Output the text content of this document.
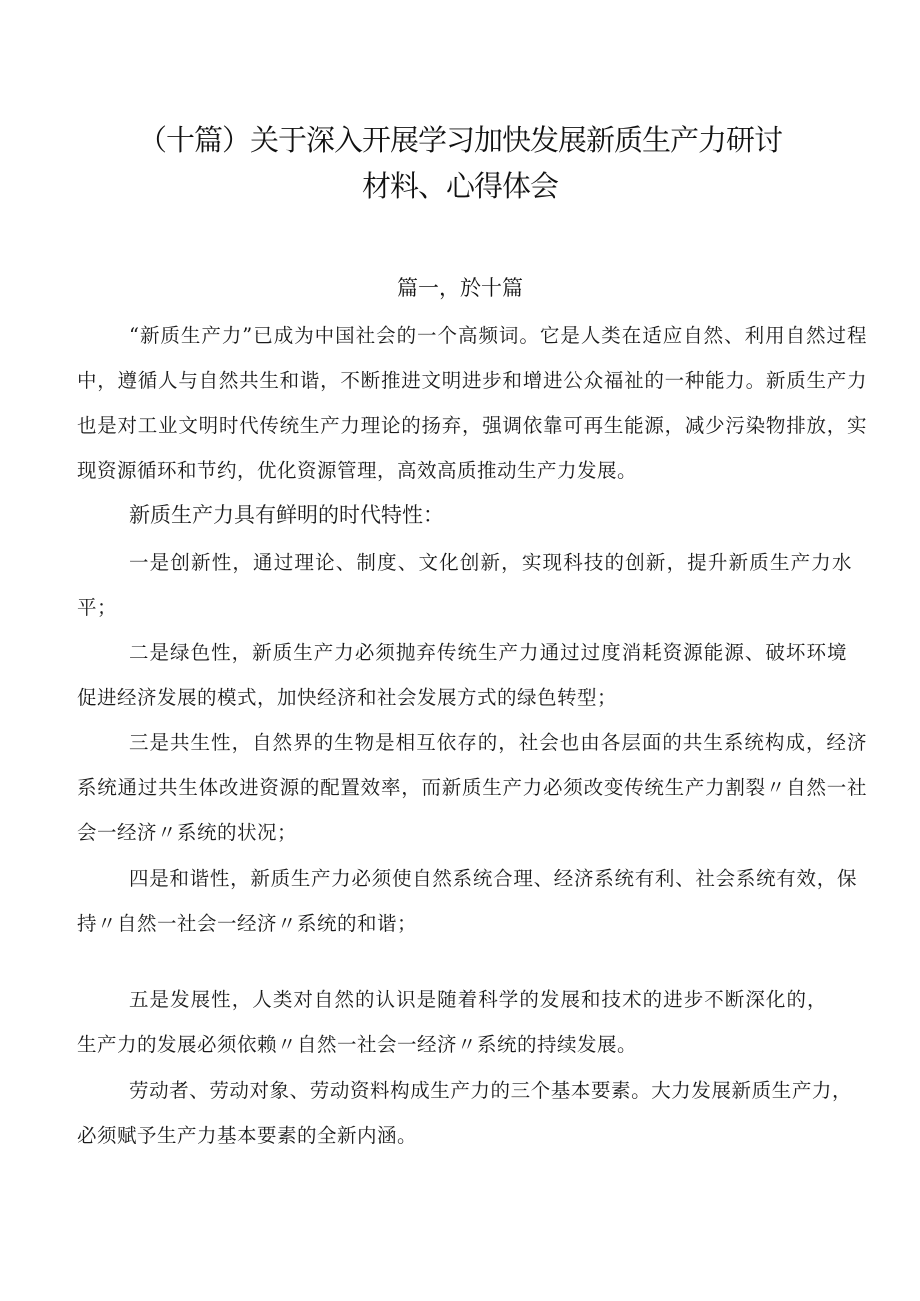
（十篇）关于深入开展学习加快发展新质生产力研讨
材料、心得体会
篇一，於十篇
“新质生产力”已成为中国社会的一个高频词。它是人类在适应自然、利用自然过程中，遵循人与自然共生和谐，不断推进文明进步和增进公众福祉的一种能力。新质生产力也是对工业文明时代传统生产力理论的扬弃，强调依靠可再生能源，减少污染物排放，实现资源循环和节约，优化资源管理，高效高质推动生产力发展。
新质生产力具有鲜明的时代特性：
一是创新性，通过理论、制度、文化创新，实现科技的创新，提升新质生产力水平；
二是绿色性，新质生产力必须抛弃传统生产力通过过度消耗资源能源、破坏环境促进经济发展的模式，加快经济和社会发展方式的绿色转型；
三是共生性，自然界的生物是相互依存的，社会也由各层面的共生系统构成，经济系统通过共生体改进资源的配置效率，而新质生产力必须改变传统生产力割裂〃自然一社会一经济〃系统的状况；
四是和谐性，新质生产力必须使自然系统合理、经济系统有利、社会系统有效，保持〃自然一社会一经济〃系统的和谐；
五是发展性，人类对自然的认识是随着科学的发展和技术的进步不断深化的，生产力的发展必须依赖〃自然一社会一经济〃系统的持续发展。
劳动者、劳动对象、劳动资料构成生产力的三个基本要素。大力发展新质生产力，必须赋予生产力基本要素的全新内涵。
